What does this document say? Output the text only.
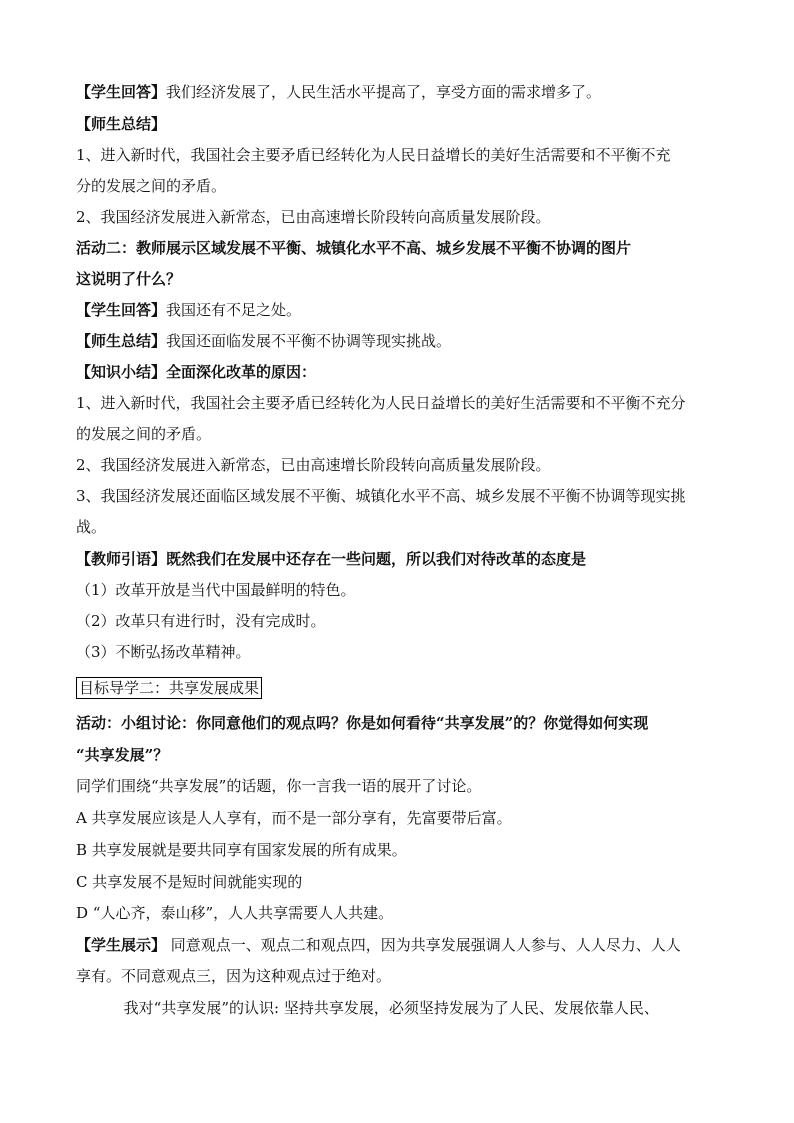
【学生回答】我们经济发展了，人民生活水平提高了，享受方面的需求增多了。
【师生总结】
1、进入新时代，我国社会主要矛盾已经转化为人民日益增长的美好生活需要和不平衡不充
分的发展之间的矛盾。
2、我国经济发展进入新常态，已由高速增长阶段转向高质量发展阶段。
活动二：教师展示区域发展不平衡、城镇化水平不高、城乡发展不平衡不协调的图片
这说明了什么？
【学生回答】我国还有不足之处。
【师生总结】我国还面临发展不平衡不协调等现实挑战。
【知识小结】全面深化改革的原因：
1、进入新时代，我国社会主要矛盾已经转化为人民日益增长的美好生活需要和不平衡不充分
的发展之间的矛盾。
2、我国经济发展进入新常态，已由高速增长阶段转向高质量发展阶段。
3、我国经济发展还面临区域发展不平衡、城镇化水平不高、城乡发展不平衡不协调等现实挑
战。
【教师引语】既然我们在发展中还存在一些问题，所以我们对待改革的态度是
（1）改革开放是当代中国最鲜明的特色。
（2）改革只有进行时，没有完成时。
（3）不断弘扬改革精神。
目标导学二：共享发展成果
活动：小组讨论：你同意他们的观点吗？你是如何看待“共享发展”的？你觉得如何实现
“共享发展”？
同学们围绕“共享发展”的话题，你一言我一语的展开了讨论。
A 共享发展应该是人人享有，而不是一部分享有，先富要带后富。
B 共享发展就是要共同享有国家发展的所有成果。
C 共享发展不是短时间就能实现的
D “人心齐，泰山移”，人人共享需要人人共建。
【学生展示】 同意观点一、观点二和观点四，因为共享发展强调人人参与、人人尽力、人人
享有。不同意观点三，因为这种观点过于绝对。
我对“共享发展”的认识: 坚持共享发展，必须坚持发展为了人民、发展依靠人民、
